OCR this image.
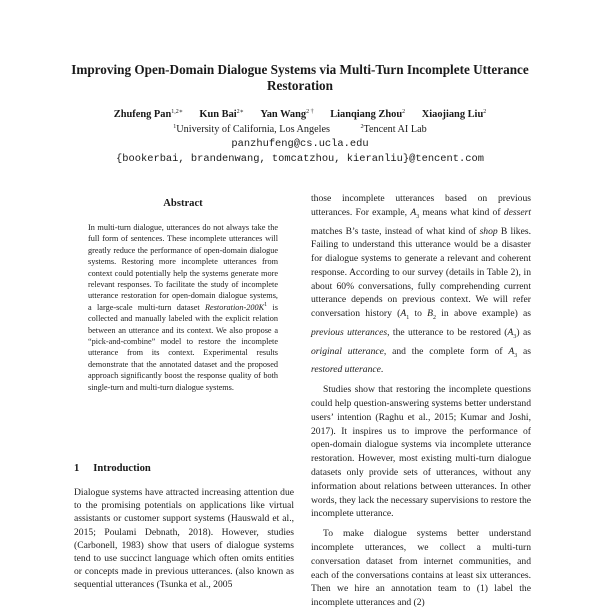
Improving Open-Domain Dialogue Systems via Multi-Turn Incomplete Utterance Restoration
Zhufeng Pan$^{1,2∗}$ Kun Bai$^{2∗}$ Yan Wang$^{2 \dagger}$ Lianqiang Zhou$^2$ Xiaojiang Liu$^2$
$^1$University of California, Los Angeles	$^2$Tencent AI Lab
panzhufeng@cs.ucla.edu
{bookerbai, brandenwang, tomcatzhou, kieranliu}@tencent.com
Abstract
In multi-turn dialogue, utterances do not always take the full form of sentences. These incomplete utterances will greatly reduce the performance of open-domain dialogue systems. Restoring more incomplete utterances from context could potentially help the systems generate more relevant responses. To facilitate the study of incomplete utterance restoration for open-domain dialogue systems, a large-scale multi-turn dataset Restoration-$200K^1$ is collected and manually labeled with the explicit relation between an utterance and its context. We also propose a “pick-and-combine” model to restore the incomplete utterance from its context. Experimental results demonstrate that the annotated dataset and the proposed approach significantly boost the response quality of both single-turn and multi-turn dialogue systems.
1 Introduction

Dialogue systems have attracted increasing attention due to the promising potentials on applications like virtual assistants or customer support systems (Hauswald et al., 2015; Poulami Debnath, 2018). However, studies (Carbonell, 1983) show that users of dialogue systems tend to use succinct language which often omits entities or concepts made in previous utterances. (also known as sequential utterances (Tsunka et al., 2005

those incomplete utterances based on previous utterances. For example, $A_3$ means what kind of dessert matches B’s taste, instead of what kind of shop B likes. Failing to understand this utterance would be a disaster for dialogue systems to generate a relevant and coherent response. According to our survey (details in Table 2), in about 60% conversations, fully comprehending current utterance depends on previous context. We will refer conversation history ($A_1$ to $B_2$ in above example) as previous utterances, the utterance to be restored $(A_3)$ as original utterance, and the complete form of $A_3$ as restored utterance.

Studies show that restoring the incomplete questions could help question-answering systems better understand users’ intention (Raghu et al., 2015; Kumar and Joshi, 2017). It inspires us to improve the performance of open-domain dialogue systems via incomplete utterance restoration. However, most existing multi-turn dialogue datasets only provide sets of utterances, without any information about relations between utterances. In other words, they lack the necessary supervisions to restore the incomplete utterance.

To make dialogue systems better understand incomplete utterances, we collect a multi-turn conversation dataset from internet communities, and each of the conversations contains at least six utterances. Then we hire an annotation team to (1) label the incomplete utterances and (2)
